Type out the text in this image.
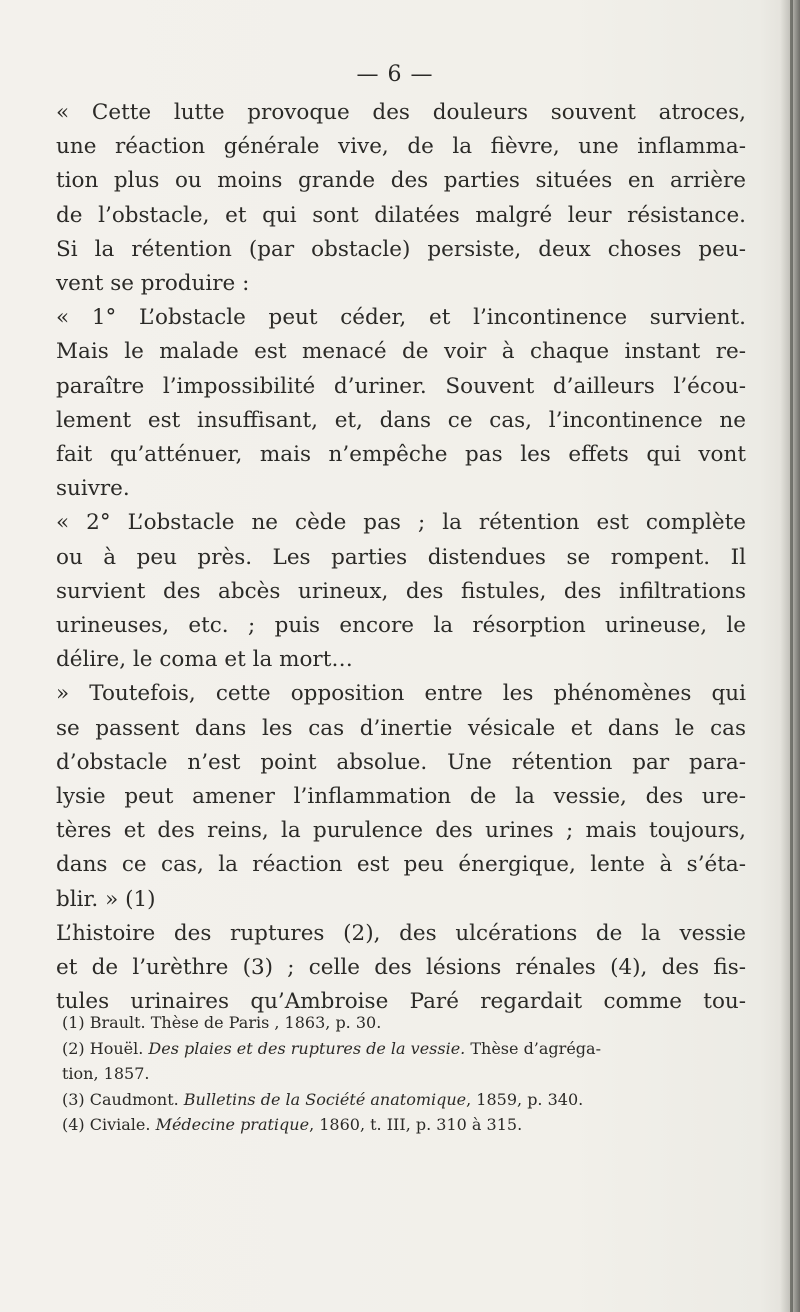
— 6 —
« Cette lutte provoque des douleurs souvent atroces,
une réaction générale vive, de la fièvre, une inflamma-
tion plus ou moins grande des parties situées en arrière
de l’obstacle, et qui sont dilatées malgré leur résistance.
Si la rétention (par obstacle) persiste, deux choses peu-
vent se produire :
« 1° L’obstacle peut céder, et l’incontinence survient.
Mais le malade est menacé de voir à chaque instant re-
paraître l’impossibilité d’uriner. Souvent d’ailleurs l’écou-
lement est insuffisant, et, dans ce cas, l’incontinence ne
fait qu’atténuer, mais n’empêche pas les effets qui vont
suivre.
« 2° L’obstacle ne cède pas ; la rétention est complète
ou à peu près. Les parties distendues se rompent. Il
survient des abcès urineux, des fistules, des infiltrations
urineuses, etc. ; puis encore la résorption urineuse, le
délire, le coma et la mort…
» Toutefois, cette opposition entre les phénomènes qui
se passent dans les cas d’inertie vésicale et dans le cas
d’obstacle n’est point absolue. Une rétention par para-
lysie peut amener l’inflammation de la vessie, des ure-
tères et des reins, la purulence des urines ; mais toujours,
dans ce cas, la réaction est peu énergique, lente à s’éta-
blir. » (1)
L’histoire des ruptures (2), des ulcérations de la vessie
et de l’urèthre (3) ; celle des lésions rénales (4), des fis-
tules urinaires qu’Ambroise Paré regardait comme tou-
(1) Brault. Thèse de Paris , 1863, p. 30.
(2) Houël. Des plaies et des ruptures de la vessie. Thèse d’agréga-
tion, 1857.
(3) Caudmont. Bulletins de la Société anatomique, 1859, p. 340.
(4) Civiale. Médecine pratique, 1860, t. III, p. 310 à 315.
